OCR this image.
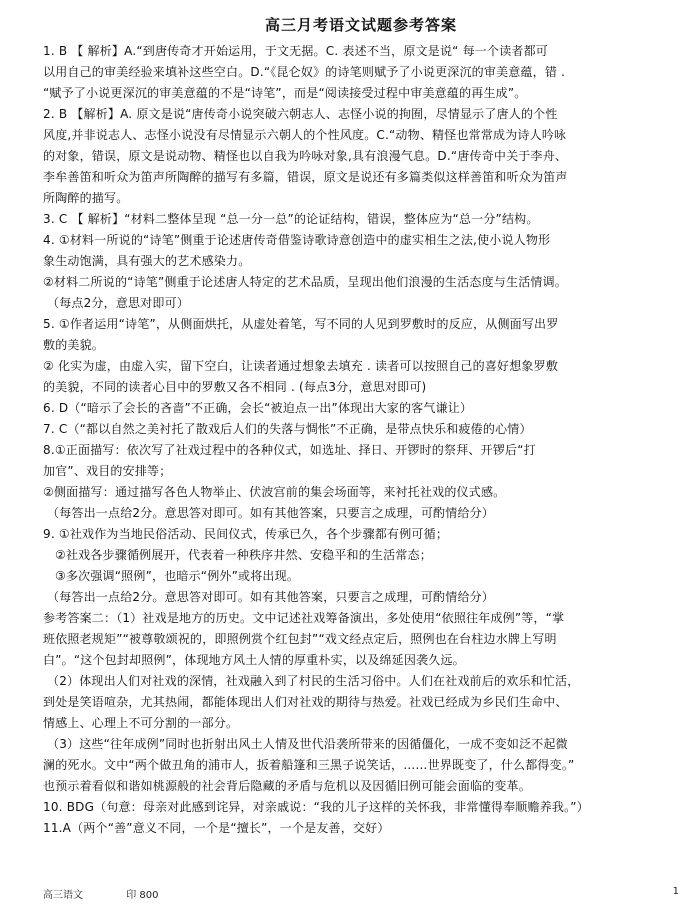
高三月考语文试题参考答案
1. B 【 解析】A.“到唐传奇才开始运用，于文无据。C. 表述不当，原文是说“ 每一个读者都可
以用自己的审美经验来填补这些空白。D.“《昆仑奴》的诗笔则赋予了小说更深沉的审美意蕴，错 .
“赋予了小说更深沉的审美意蕴的不是“诗笔”，而是“阅读接受过程中审美意蕴的再生成”。
2. B 【解析】A. 原文是说“唐传奇小说突破六朝志人、志怪小说的拘囿，尽情显示了唐人的个性
风度,并非说志人、志怪小说没有尽情显示六朝人的个性风度。C.“动物、精怪也常常成为诗人吟咏
的对象，错误，原文是说动物、精怪也以自我为吟咏对象,具有浪漫气息。D.“唐传奇中关于李舟、
李牟善笛和听众为笛声所陶醉的描写有多篇，错误，原文是说还有多篇类似这样善笛和听众为笛声
所陶醉的描写。
3. C 【 解析】“材料二整体呈现 “总一分一总”的论证结构，错误，整体应为“总一分”结构。
4. ①材料一所说的“诗笔”侧重于论述唐传奇借鉴诗歌诗意创造中的虚实相生之法,使小说人物形
象生动饱满，具有强大的艺术感染力。
②材料二所说的“诗笔”侧重于论述唐人特定的艺术品质，呈现出他们浪漫的生活态度与生活情调。
（每点2分，意思对即可）
5. ①作者运用“诗笔”，从侧面烘托，从虚处着笔，写不同的人见到罗敷时的反应，从侧面写出罗
敷的美貌。
② 化实为虚，由虚入实，留下空白，让读者通过想象去填充 . 读者可以按照自己的喜好想象罗敷
的美貌，不同的读者心目中的罗敷又各不相同 . (每点3分，意思对即可)
6. D（“暗示了会长的吝啬”不正确，会长“被迫点一出”体现出大家的客气谦让）
7. C（“都以自然之美衬托了散戏后人们的失落与惆怅”不正确，是带点快乐和疲倦的心情）
8.①正面描写：依次写了社戏过程中的各种仪式，如选址、择日、开锣时的祭拜、开锣后“打
加官”、戏目的安排等；
②侧面描写：通过描写各色人物举止、伏波宫前的集会场面等，来衬托社戏的仪式感。
（每答出一点给2分。意思答对即可。如有其他答案，只要言之成理，可酌情给分）
9. ①社戏作为当地民俗活动、民间仪式，传承已久，各个步骤都有例可循；
②社戏各步骤循例展开，代表着一种秩序井然、安稳平和的生活常态；
③多次强调“照例”，也暗示“例外”或将出现。
（每答出一点给2分。意思答对即可。如有其他答案，只要言之成理，可酌情给分）
参考答案二：（1）社戏是地方的历史。文中记述社戏筹备演出，多处使用“依照往年成例”等，“掌
班依照老规矩”“被尊敬颂祝的，即照例赏个红包封”“戏文经点定后，照例也在台柱边水牌上写明
白”。“这个包封却照例”，体现地方风土人情的厚重朴实，以及绵延因袭久远。
（2）体现出人们对社戏的深情，社戏融入到了村民的生活习俗中。人们在社戏前后的欢乐和忙活，
到处是笑语喧杂，尤其热闹，都能体现出人们对社戏的期待与热爱。社戏已经成为乡民们生命中、
情感上、心理上不可分割的一部分。
（3）这些“往年成例”同时也折射出风土人情及世代沿袭所带来的因循僵化，一成不变如泛不起微
澜的死水。文中“两个做丑角的浦市人，扳着船篷和三黑子说笑话，……世界既变了，什么都得变。”
也预示着看似和谐如桃源般的社会背后隐藏的矛盾与危机以及因循旧例可能会面临的变革。
10. BDG（句意：母亲对此感到诧异，对亲戚说：“我的儿子这样的关怀我，非常懂得奉顺赡养我。”）
11.A（两个“善”意义不同，一个是“擅长”，一个是友善，交好）
高三语文	印 800	1
